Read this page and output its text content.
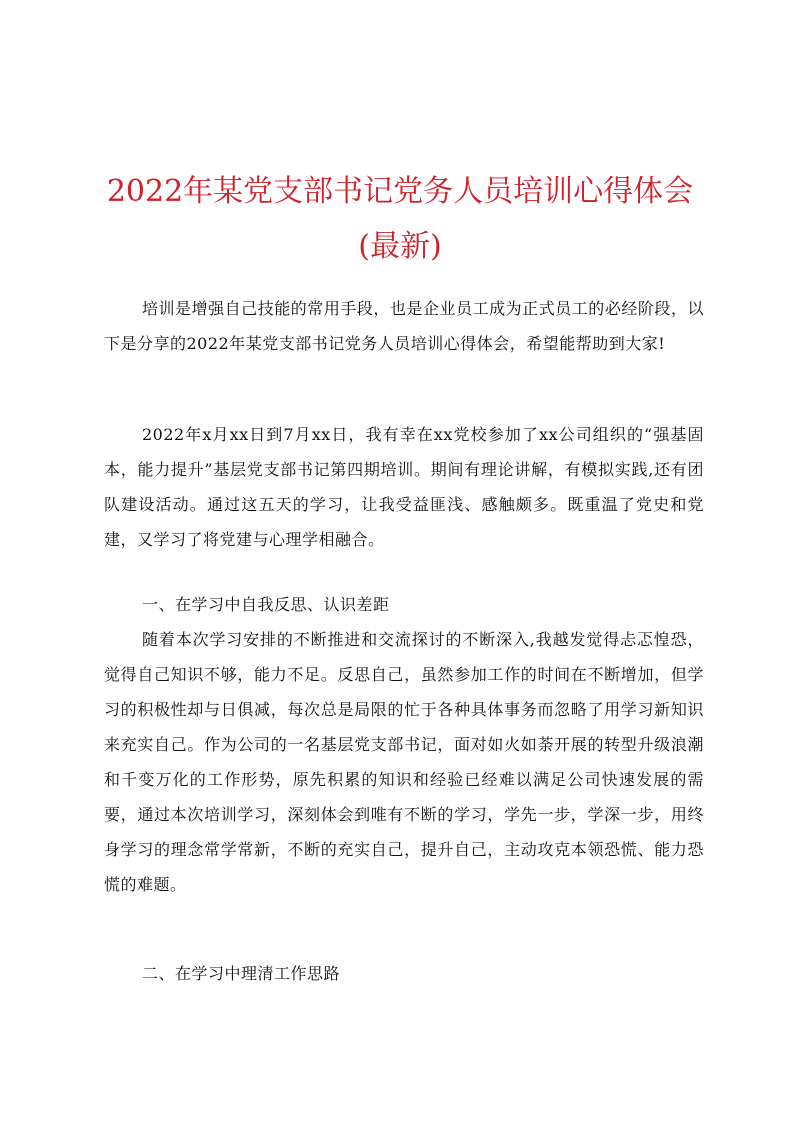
2022年某党支部书记党务人员培训心得体会
(最新)

培训是增强自己技能的常用手段，也是企业员工成为正式员工的必经阶段，以下是分享的2022年某党支部书记党务人员培训心得体会，希望能帮助到大家!

2022年x月xx日到7月xx日，我有幸在xx党校参加了xx公司组织的“强基固本，能力提升”基层党支部书记第四期培训。期间有理论讲解，有模拟实践,还有团队建设活动。通过这五天的学习，让我受益匪浅、感触颇多。既重温了党史和党建，又学习了将党建与心理学相融合。

一、在学习中自我反思、认识差距

随着本次学习安排的不断推进和交流探讨的不断深入,我越发觉得忐忑惶恐，觉得自己知识不够，能力不足。反思自己，虽然参加工作的时间在不断增加，但学习的积极性却与日俱减，每次总是局限的忙于各种具体事务而忽略了用学习新知识来充实自己。作为公司的一名基层党支部书记，面对如火如荼开展的转型升级浪潮和千变万化的工作形势，原先积累的知识和经验已经难以满足公司快速发展的需要，通过本次培训学习，深刻体会到唯有不断的学习，学先一步，学深一步，用终身学习的理念常学常新，不断的充实自己，提升自己，主动攻克本领恐慌、能力恐慌的难题。

二、在学习中理清工作思路
